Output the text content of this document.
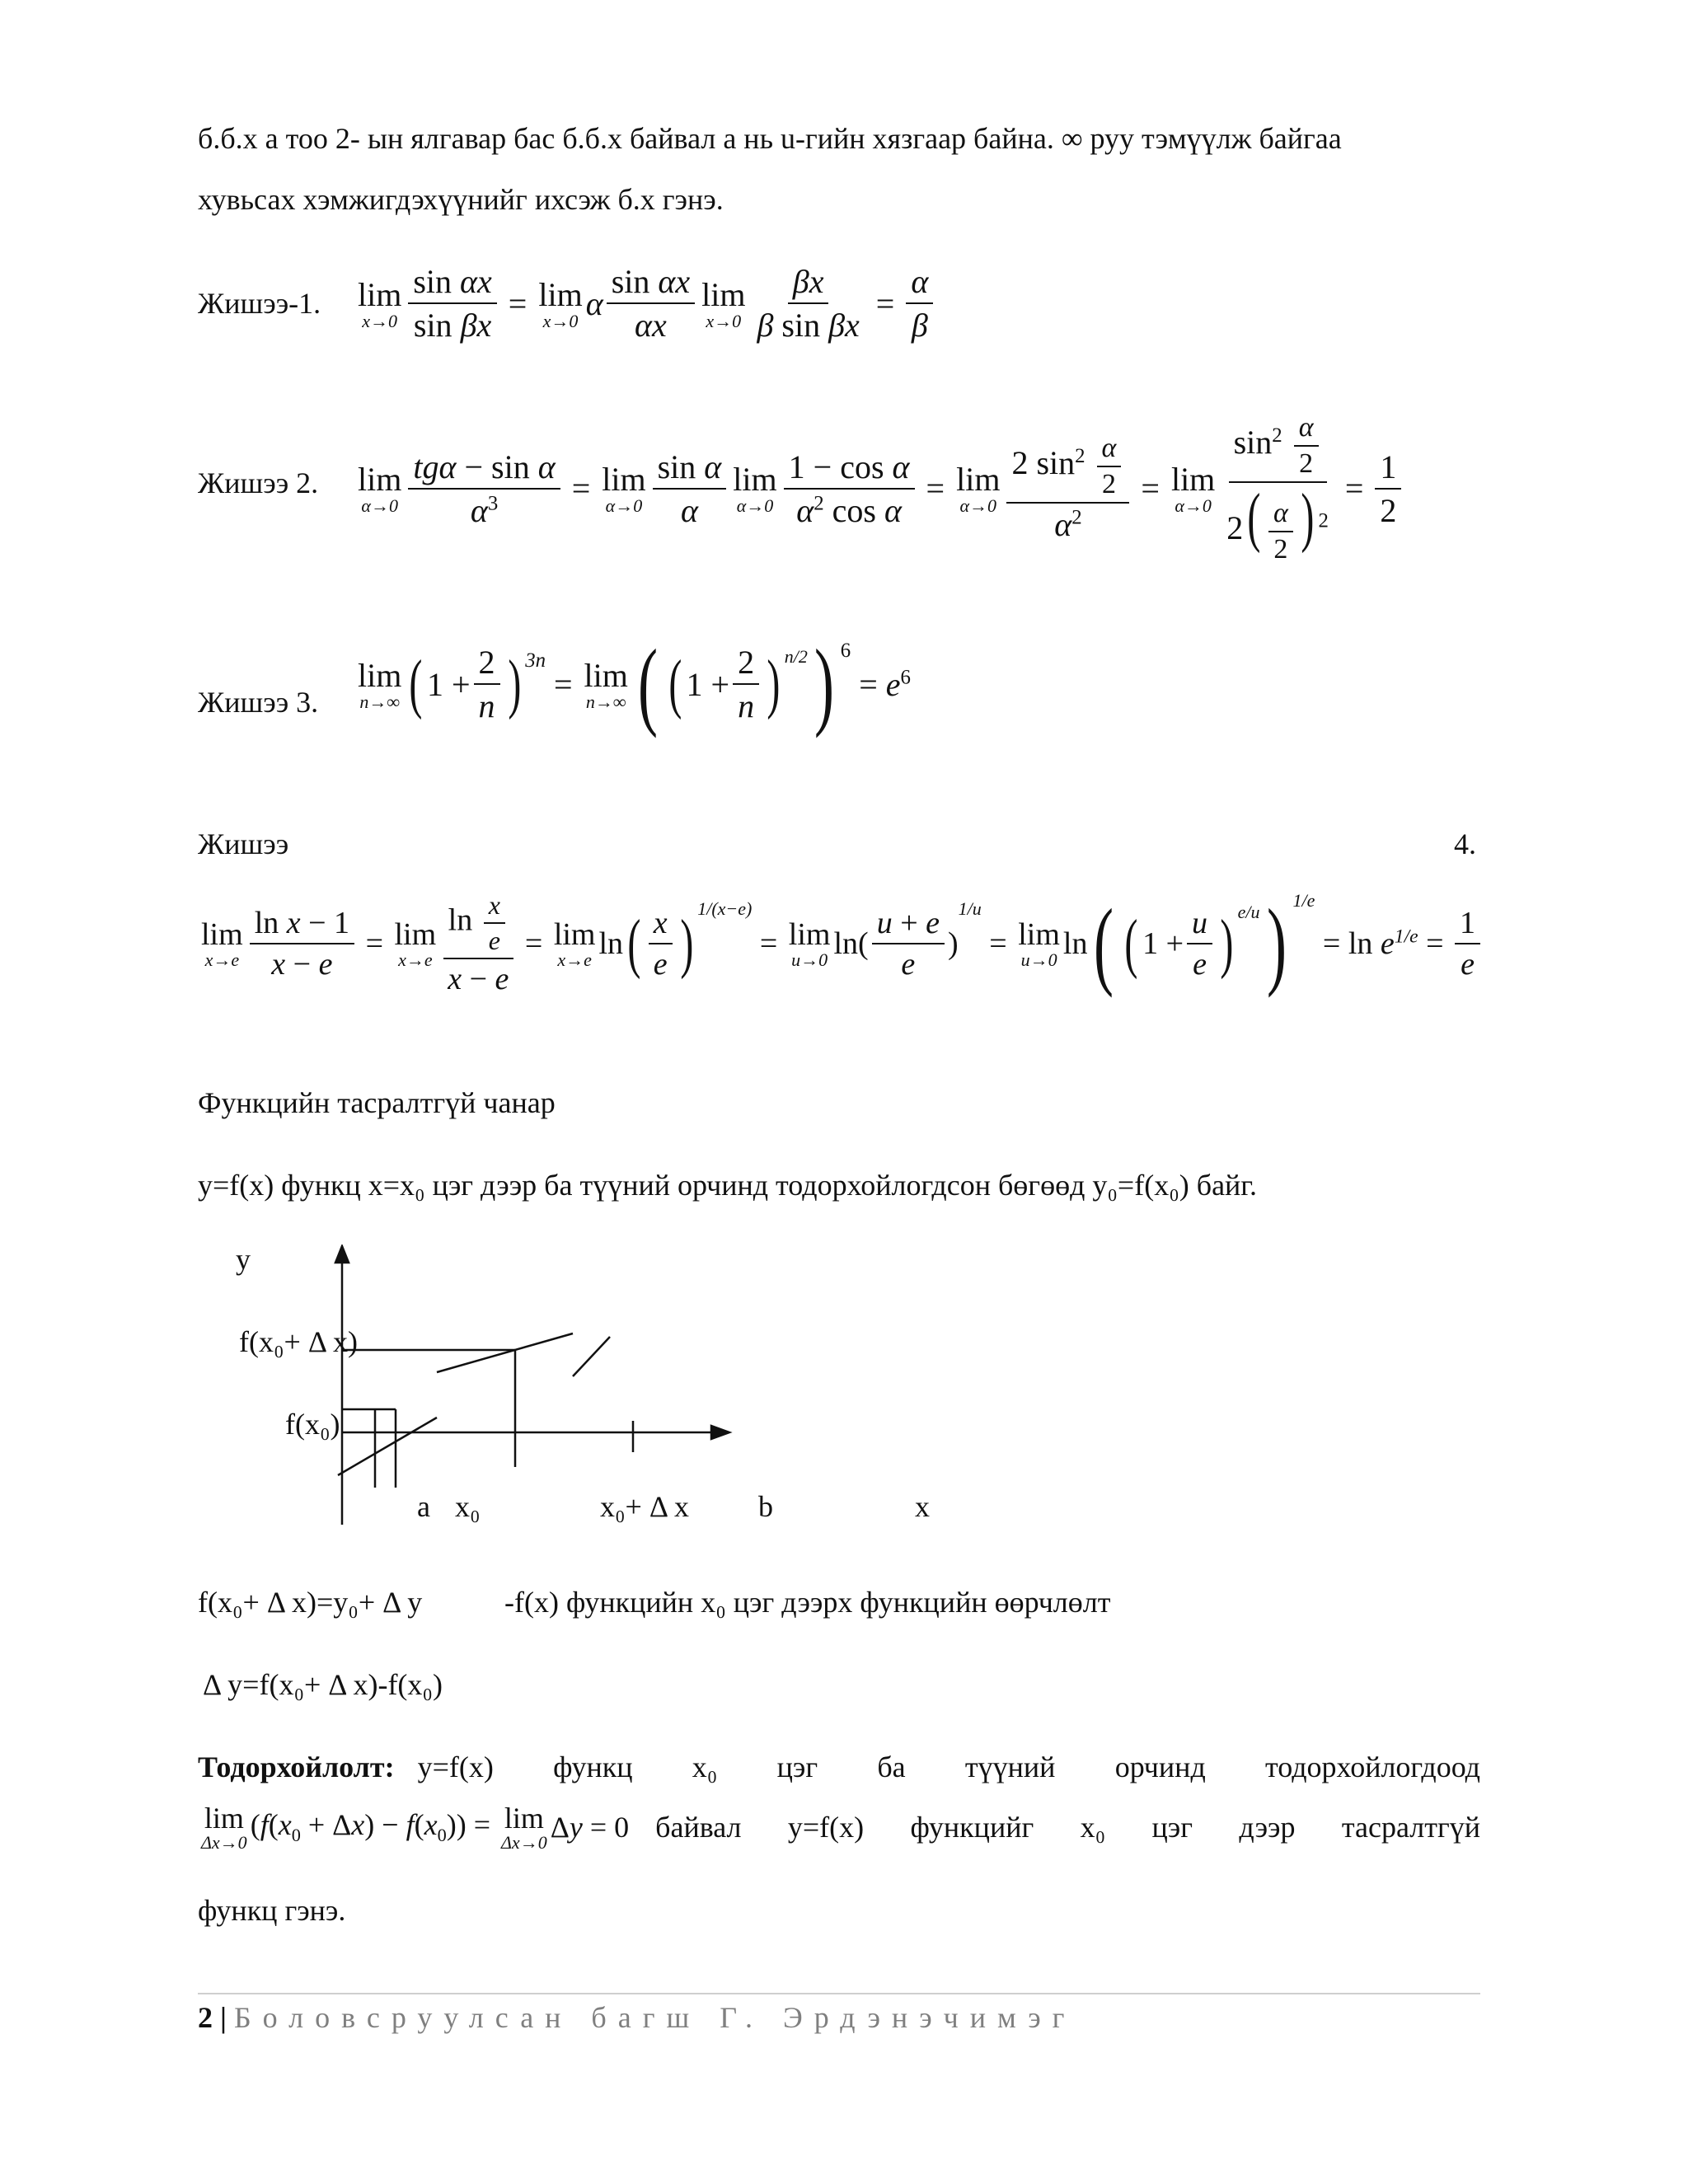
б.б.х а тоо 2- ын ялгавар бас б.б.х байвал а нь u-гийн хязгаар байна. ∞ руу тэмүүлж байгаа
хувьсах хэмжигдэхүүнийг ихсэж б.х гэнэ.
Жишээ-1. lim
$x\to 0 \frac{\text{sin αx}}{\text{sin βx}} = \lim$
x→0 α $\frac{\text{sin αx}}{\alpha x}$ lim
$x\to 0 \frac{\beta x}{\text{β sin βx}} = \frac{\alpha}{\beta}$
Жишээ 2. lim
$\alpha\to 0 \frac{\text{tgα − sin α}}{\alpha^3} = \lim$
$\alpha\to 0 \frac{\text{sin α}}{\alpha}$ lim
$\alpha\to 0 \frac{\text{1 − cos α}}{\alpha^2 \cos \alpha} = \lim$
$\alpha\to 0 \frac{2 \sin^2 \frac{\alpha}{2}}{\alpha^2} = \lim$
$\alpha\to 0 \frac{\sin^2 \frac{\alpha}{2}}{2( \frac{\alpha}{2} ) ^2} = \frac{1}{2}$
Жишээ 3.
lim
n→∞ ( $1 + \frac{2}{n} )^{3n}$
= lim
n→∞ ( ( $1 + \frac{2}{n}$ ) n/2 ) $^6$
= $e^6$
Жишээ	4.
lim
$x\to e \frac{\text{ln x − 1}}{x - e} = \lim$
$x\to e \frac{\ln \frac{x}{e}}{x - e} = \lim$
x→e ln ( $\frac{x}{e}$ ) 1/(x−e)
= lim
u→0 $\ln( \frac{u + e}{e}$ )
1/u
= lim
u→0 ln ( ( $1 + \frac{u}{e}$ ) e/u ) 1/e
= $\ln e^{1/e} = \frac{1}{e}$
Функцийн тасралтгүй чанар
y=f(x) функц x=x₀ цэг дээр ба түүний орчинд тодорхойлогдсон бөгөөд y₀=f(x₀) байг.
y
f(x₀+ Δ x)
f(x₀)
a x₀	x₀+ Δ x b	x
f(x₀+ Δ x)=y₀+ Δ y	-f(x) функцийн x₀ цэг дээрх функцийн өөрчлөлт
Δ y=f(x₀+ Δ x)-f(x₀)
Тодорхойлолт: y=f(x)    функц    x₀    цэг    ба    түүний    орчинд    тодорхойлогдоод
lim
Δx→0
$(f(x_0 + \Delta x) - f(x_0)) = \lim$
Δx→0 Δy = 0 байвал  y=f(x)  функцийг  x₀  цэг  дээр  тасралтгүй
функц гэнэ.
2 | Боловсруулсан багш Г. Эрдэнэчимэг
